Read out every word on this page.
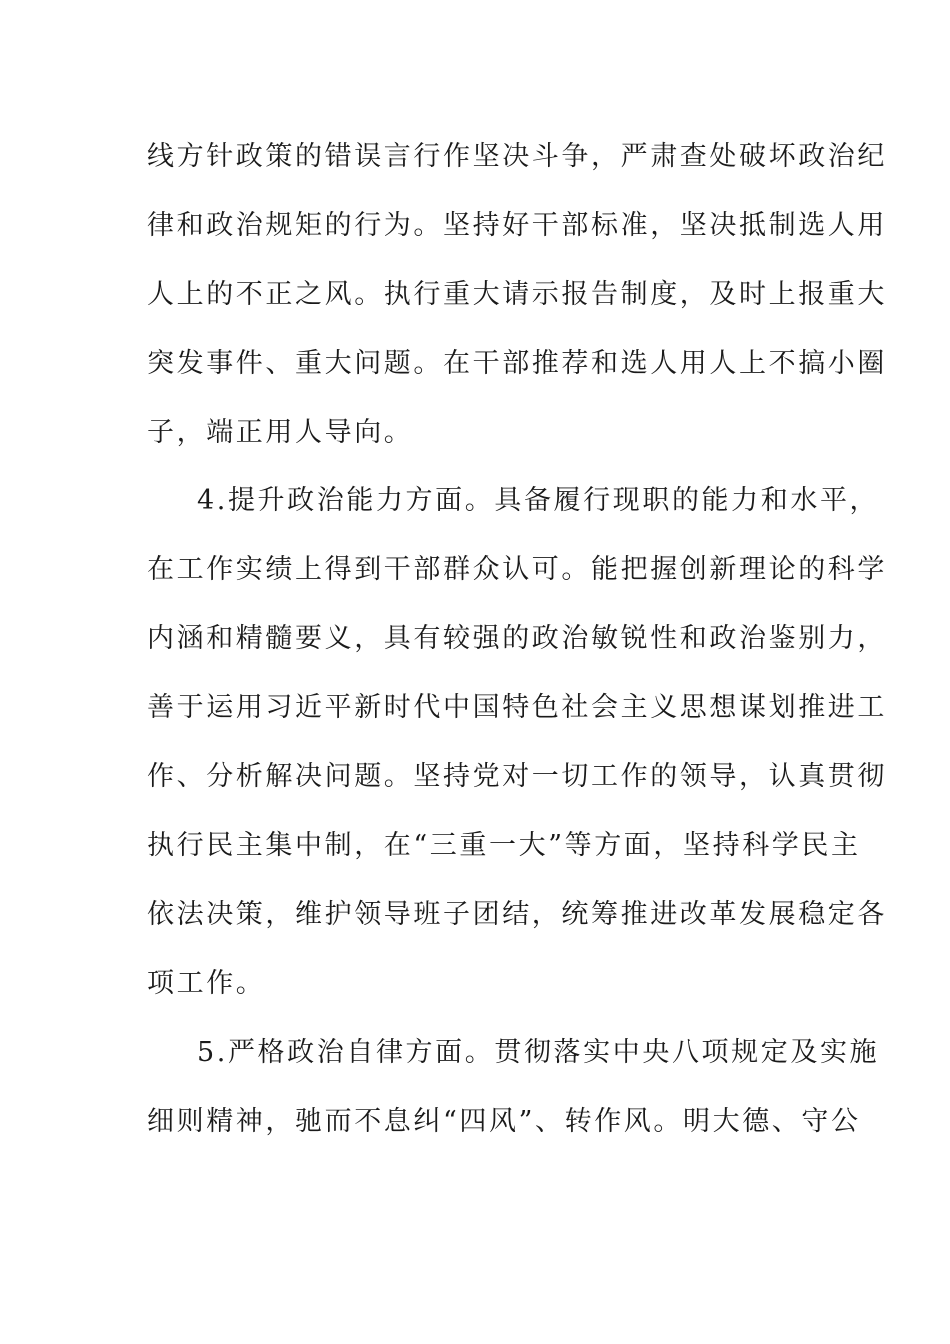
线方针政策的错误言行作坚决斗争，严肃查处破坏政治纪
律和政治规矩的行为。坚持好干部标准，坚决抵制选人用
人上的不正之风。执行重大请示报告制度，及时上报重大
突发事件、重大问题。在干部推荐和选人用人上不搞小圈
子，端正用人导向。
4.提升政治能力方面。具备履行现职的能力和水平，
在工作实绩上得到干部群众认可。能把握创新理论的科学
内涵和精髓要义，具有较强的政治敏锐性和政治鉴别力，
善于运用习近平新时代中国特色社会主义思想谋划推进工
作、分析解决问题。坚持党对一切工作的领导，认真贯彻
执行民主集中制，在“三重一大”等方面，坚持科学民主
依法决策，维护领导班子团结，统筹推进改革发展稳定各
项工作。
5.严格政治自律方面。贯彻落实中央八项规定及实施
细则精神，驰而不息纠“四风”、转作风。明大德、守公
